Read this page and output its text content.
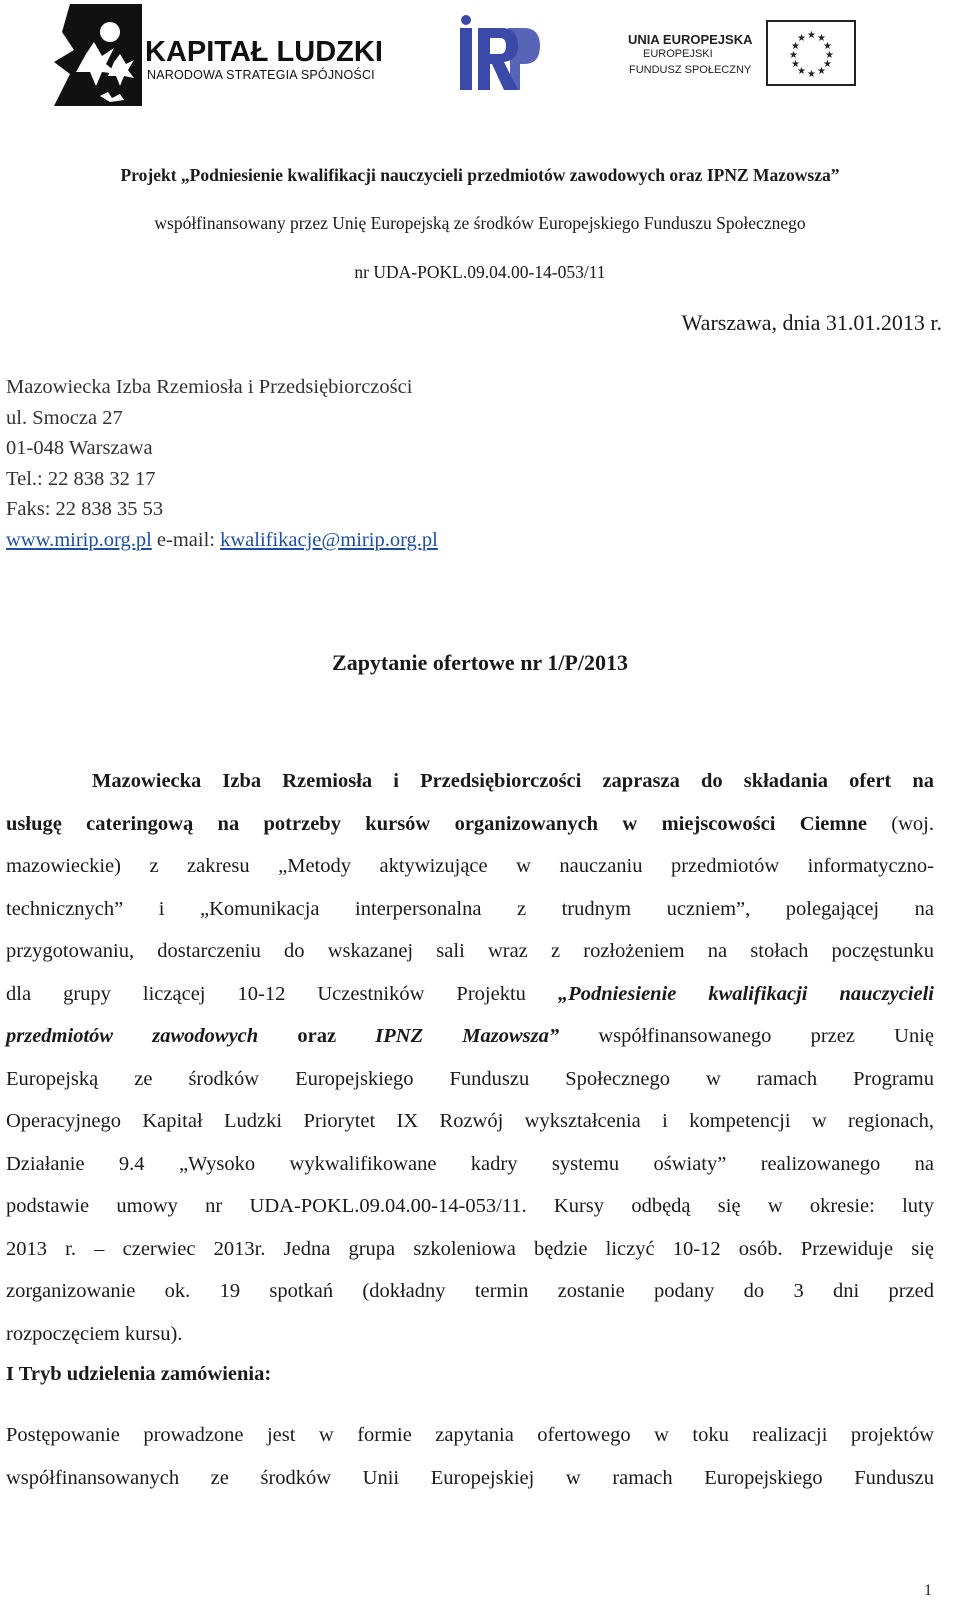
KAPITAŁ LUDZKI
NARODOWA STRATEGIA SPÓJNOŚCI
UNIA EUROPEJSKA
EUROPEJSKI
FUNDUSZ SPOŁECZNY
★ ★
★
★
★
★
★
★
★
★
★
★
Projekt „Podniesienie kwalifikacji nauczycieli przedmiotów zawodowych oraz IPNZ Mazowsza”
współfinansowany przez Unię Europejską ze środków Europejskiego Funduszu Społecznego
nr UDA-POKL.09.04.00-14-053/11
Warszawa, dnia 31.01.2013 r.
Mazowiecka Izba Rzemiosła i Przedsiębiorczości
ul. Smocza 27
01-048 Warszawa
Tel.: 22 838 32 17
Faks: 22 838 35 53
www.mirip.org.pl e-mail: kwalifikacje@mirip.org.pl
Zapytanie ofertowe nr 1/P/2013
Mazowiecka Izba Rzemiosła i Przedsiębiorczości zaprasza do składania ofert na
usługę cateringową na potrzeby kursów organizowanych w miejscowości Ciemne (woj.
mazowieckie) z zakresu „Metody aktywizujące w nauczaniu przedmiotów informatyczno-
technicznych” i „Komunikacja interpersonalna z trudnym uczniem”, polegającej na
przygotowaniu, dostarczeniu do wskazanej sali wraz z rozłożeniem na stołach poczęstunku
dla grupy liczącej 10-12 Uczestników Projektu „Podniesienie kwalifikacji nauczycieli
przedmiotów zawodowych oraz IPNZ Mazowsza” współfinansowanego przez Unię
Europejską ze środków Europejskiego Funduszu Społecznego w ramach Programu
Operacyjnego Kapitał Ludzki Priorytet IX Rozwój wykształcenia i kompetencji w regionach,
Działanie 9.4 „Wysoko wykwalifikowane kadry systemu oświaty” realizowanego na
podstawie umowy nr UDA-POKL.09.04.00-14-053/11. Kursy odbędą się w okresie: luty
2013 r. – czerwiec 2013r. Jedna grupa szkoleniowa będzie liczyć 10-12 osób. Przewiduje się
zorganizowanie ok. 19 spotkań (dokładny termin zostanie podany do 3 dni przed
rozpoczęciem kursu).
I Tryb udzielenia zamówienia:
Postępowanie prowadzone jest w formie zapytania ofertowego w toku realizacji projektów
współfinansowanych ze środków Unii Europejskiej w ramach Europejskiego Funduszu
1
